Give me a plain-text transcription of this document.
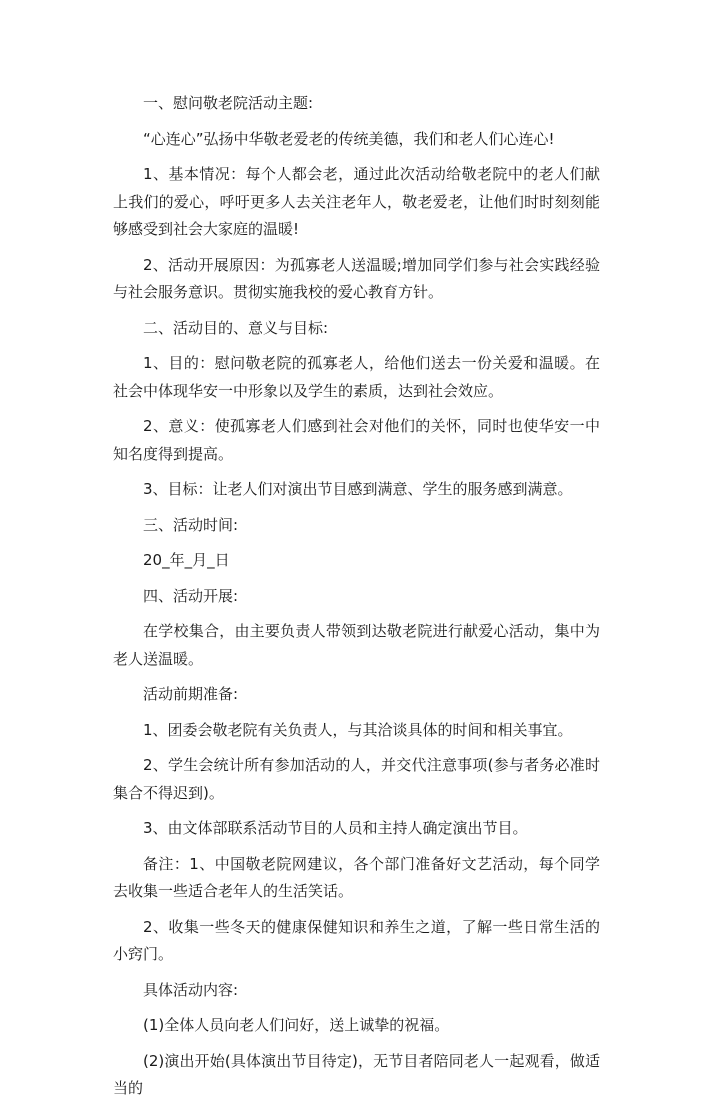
一、慰问敬老院活动主题:

“心连心”弘扬中华敬老爱老的传统美德，我们和老人们心连心!

1、基本情况：每个人都会老，通过此次活动给敬老院中的老人们献上我们的爱心，呼吁更多人去关注老年人，敬老爱老，让他们时时刻刻能够感受到社会大家庭的温暖!

2、活动开展原因：为孤寡老人送温暖;增加同学们参与社会实践经验与社会服务意识。贯彻实施我校的爱心教育方针。

二、活动目的、意义与目标:

1、目的：慰问敬老院的孤寡老人，给他们送去一份关爱和温暖。在社会中体现华安一中形象以及学生的素质，达到社会效应。

2、意义：使孤寡老人们感到社会对他们的关怀，同时也使华安一中知名度得到提高。

3、目标：让老人们对演出节目感到满意、学生的服务感到满意。

三、活动时间:

20_年_月_日

四、活动开展:

在学校集合，由主要负责人带领到达敬老院进行献爱心活动，集中为老人送温暖。

活动前期准备:

1、团委会敬老院有关负责人，与其洽谈具体的时间和相关事宜。

2、学生会统计所有参加活动的人，并交代注意事项(参与者务必准时集合不得迟到)。

3、由文体部联系活动节目的人员和主持人确定演出节目。

备注：1、中国敬老院网建议，各个部门准备好文艺活动，每个同学去收集一些适合老年人的生活笑话。

2、收集一些冬天的健康保健知识和养生之道，了解一些日常生活的小窍门。

具体活动内容:

(1)全体人员向老人们问好，送上诚挚的祝福。

(2)演出开始(具体演出节目待定)，无节目者陪同老人一起观看，做适当的
